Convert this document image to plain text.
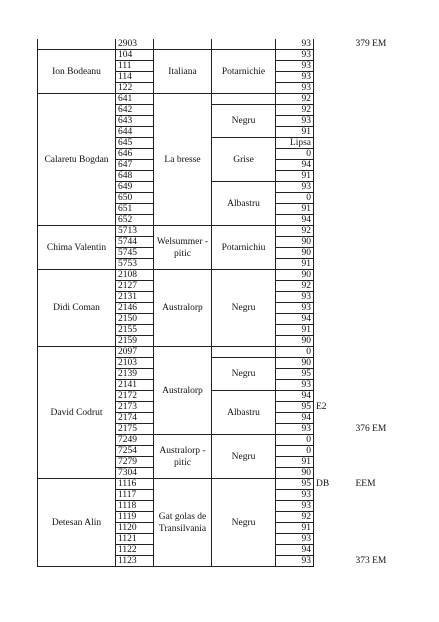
	2903			93		379 EM
Ion Bodeanu	104	Italiana	Potarnichie	93		
	111			93		
	114			93		
	122			93		
Calaretu Bogdan	641	La bresse		92		
	642		Negru	92		
	643			93		
	644			91		
	645		Grise	Lipsa		
	646			0		
	647			94		
	648			91		
	649		Albastru	93		
	650			0		
	651			91		
	652			94		
Chima Valentin	5713	Welsummer - pitic	Potarnichiu	92		
	5744			90		
	5745			90		
	5753			91		
Didi Coman	2108	Australorp	Negru	90		
	2127			92		
	2131			93		
	2146			93		
	2150			94		
	2155			91		
	2159			90		
David Codrut	2097	Australorp		0		
	2103		Negru	90		
	2139			95		
	2141			93		
	2172		Albastru	94		
	2173			95	E2	
	2174			94		
	2175			93		376 EM
	7249	Australorp - pitic	Negru	0		
	7254			0		
	7279			91		
	7304			90		
Detesan Alin	1116	Gat golas de Transilvania	Negru	95	DB	EEM
	1117			93		
	1118			93		
	1119			92		
	1120			91		
	1121			93		
	1122			94		
	1123			93		373 EM
